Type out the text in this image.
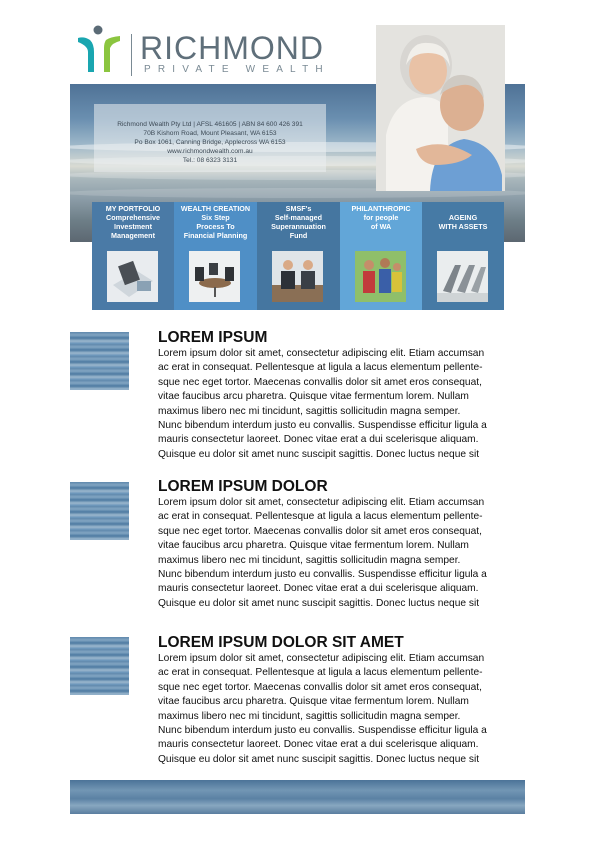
RICHMOND
PRIVATE WEALTH
Richmond Wealth Pty Ltd | AFSL 461605 | ABN 84 600 426 391
70B Kishorn Road, Mount Pleasant, WA 6153
Po Box 1061, Canning Bridge, Applecross WA 6153
www.richmondwealth.com.au
Tel.: 08 6323 3131
MY PORTFOLIO
Comprehensive
Investment
Management
WEALTH CREATION
Six Step
Process To
Financial Planning
SMSF's
Self-managed
Superannuation
Fund
PHILANTHROPIC
for people
of WA
AGEING
WITH ASSETS
LOREM IPSUM
Lorem ipsum dolor sit amet, consectetur adipiscing elit. Etiam accumsan
ac erat in consequat. Pellentesque at ligula a lacus elementum pellente-
sque nec eget tortor. Maecenas convallis dolor sit amet eros consequat,
vitae faucibus arcu pharetra. Quisque vitae fermentum lorem. Nullam
maximus libero nec mi tincidunt, sagittis sollicitudin magna semper.
Nunc bibendum interdum justo eu convallis. Suspendisse efficitur ligula a
mauris consectetur laoreet. Donec vitae erat a dui scelerisque aliquam.
Quisque eu dolor sit amet nunc suscipit sagittis. Donec luctus neque sit
LOREM IPSUM DOLOR
Lorem ipsum dolor sit amet, consectetur adipiscing elit. Etiam accumsan
ac erat in consequat. Pellentesque at ligula a lacus elementum pellente-
sque nec eget tortor. Maecenas convallis dolor sit amet eros consequat,
vitae faucibus arcu pharetra. Quisque vitae fermentum lorem. Nullam
maximus libero nec mi tincidunt, sagittis sollicitudin magna semper.
Nunc bibendum interdum justo eu convallis. Suspendisse efficitur ligula a
mauris consectetur laoreet. Donec vitae erat a dui scelerisque aliquam.
Quisque eu dolor sit amet nunc suscipit sagittis. Donec luctus neque sit
LOREM IPSUM DOLOR SIT AMET
Lorem ipsum dolor sit amet, consectetur adipiscing elit. Etiam accumsan
ac erat in consequat. Pellentesque at ligula a lacus elementum pellente-
sque nec eget tortor. Maecenas convallis dolor sit amet eros consequat,
vitae faucibus arcu pharetra. Quisque vitae fermentum lorem. Nullam
maximus libero nec mi tincidunt, sagittis sollicitudin magna semper.
Nunc bibendum interdum justo eu convallis. Suspendisse efficitur ligula a
mauris consectetur laoreet. Donec vitae erat a dui scelerisque aliquam.
Quisque eu dolor sit amet nunc suscipit sagittis. Donec luctus neque sit
